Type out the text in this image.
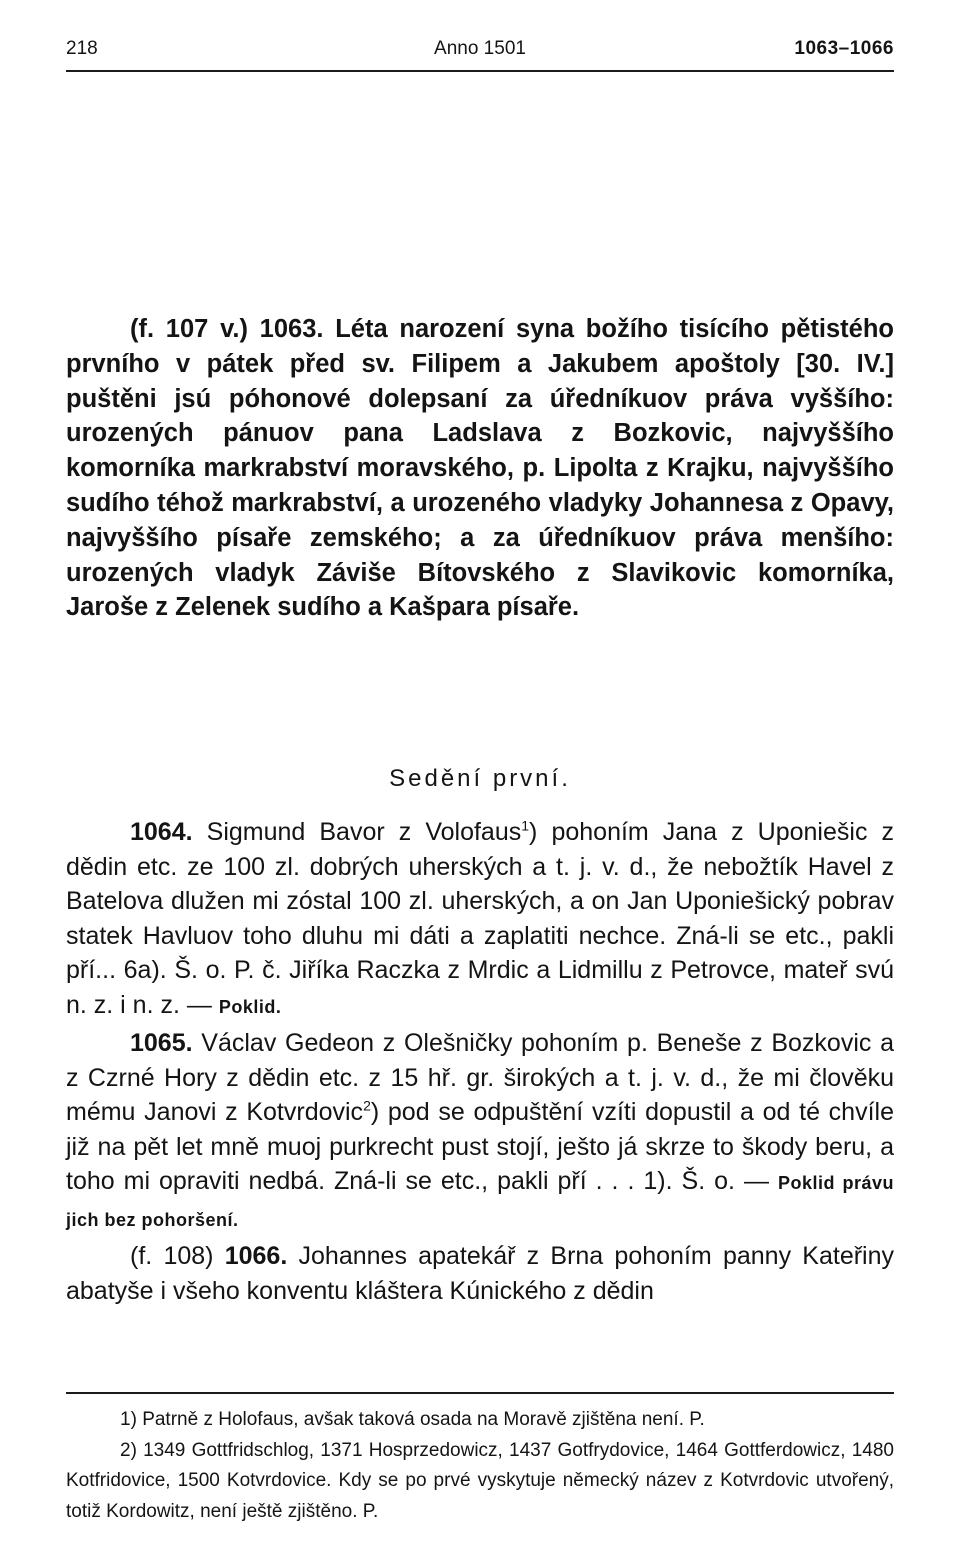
218	Anno 1501	1063–1066
(f. 107 v.) 1063. Léta narození syna božího tisícího pětistého prvního v pátek před sv. Filipem a Jakubem apoštoly [30. IV.] puštěni jsú póhonové dolepsaní za úředníkuov práva vyššího: urozených pánuov pana Ladslava z Bozkovic, najvyššího komorníka markrabství moravského, p. Lipolta z Krajku, najvyššího sudího téhož markrabství, a urozeného vladyky Johannesa z Opavy, najvyššího písaře zemského; a za úředníkuov práva menšího: urozených vladyk Záviše Bítovského z Slavikovic komorníka, Jaroše z Zelenek sudího a Kašpara písaře.
Sedění první.

1064. Sigmund Bavor z Volofaus$^1$) pohoním Jana z Uponiešic z dědin etc. ze 100 zl. dobrých uherských a t. j. v. d., že nebožtík Havel z Batelova dlužen mi zóstal 100 zl. uherských, a on Jan Uponiešický pobrav statek Havluov toho dluhu mi dáti a zaplatiti nechce. Zná-li se etc., pakli pří... 6a). Š. o. P. č. Jiříka Raczka z Mrdic a Lidmillu z Petrovce, mateř svú n. z. i n. z. — Poklid.

1065. Václav Gedeon z Olešničky pohoním p. Beneše z Bozkovic a z Czrné Hory z dědin etc. z 15 hř. gr. širokých a t. j. v. d., že mi člověku mému Janovi z Kotvrdovic$^2$) pod se odpuštění vzíti dopustil a od té chvíle již na pět let mně muoj purkrecht pust stojí, ješto já skrze to škody beru, a toho mi opraviti nedbá. Zná-li se etc., pakli pří . . . 1). Š. o. — Poklid právu jich bez pohoršení.

(f. 108) 1066. Johannes apatekář z Brna pohoním panny Kateřiny abatyše i všeho konventu kláštera Kúnického z dědin

1) Patrně z Holofaus, avšak taková osada na Moravě zjištěna není. P.

2) 1349 Gottfridschlog, 1371 Hosprzedowicz, 1437 Gotfrydovice, 1464 Gottferdowicz, 1480 Kotfridovice, 1500 Kotvrdovice. Kdy se po prvé vyskytuje německý název z Kotvrdovic utvořený, totiž Kordowitz, není ještě zjištěno. P.
